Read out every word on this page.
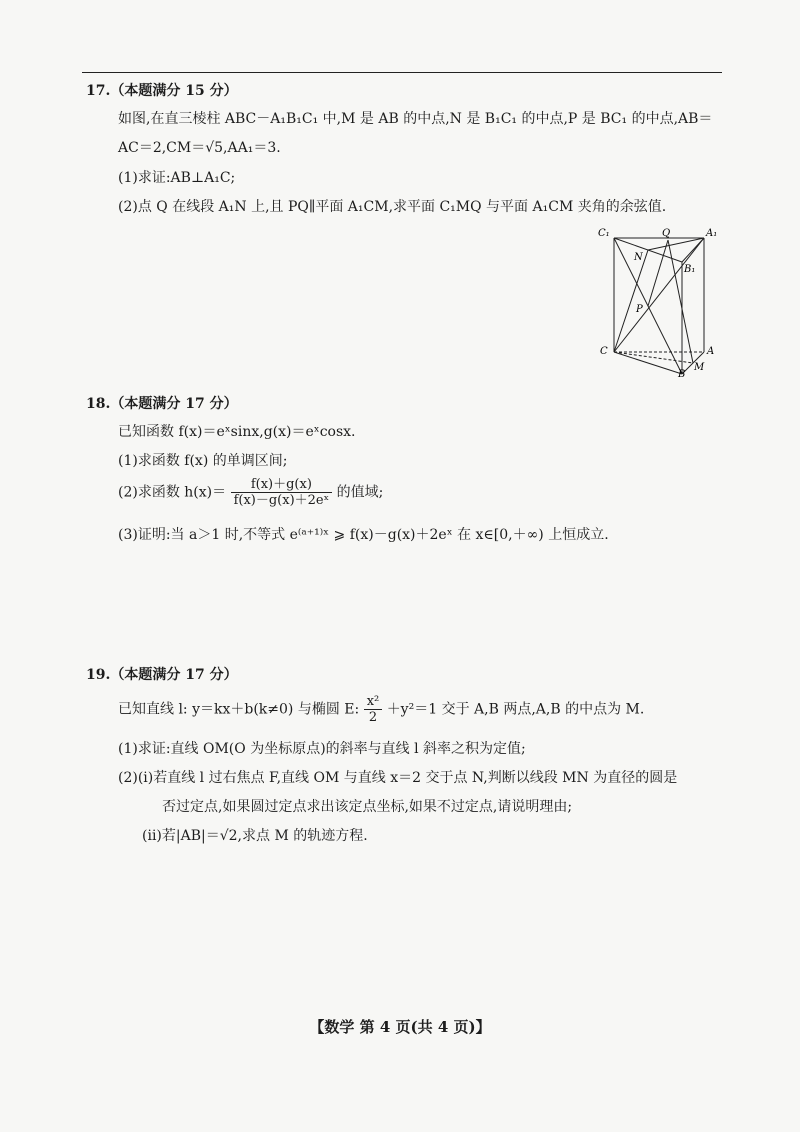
17.（本题满分 15 分）
如图,在直三棱柱 ABC－A₁B₁C₁ 中,M 是 AB 的中点,N 是 B₁C₁ 的中点,P 是 BC₁ 的中点,AB＝
AC＝2,CM＝√5,AA₁＝3.
(1)求证:AB⊥A₁C;
(2)点 Q 在线段 A₁N 上,且 PQ∥平面 A₁CM,求平面 C₁MQ 与平面 A₁CM 夹角的余弦值.
C₁	Q	A₁
N
B₁
P
C	A
M
B
18.（本题满分 17 分）
已知函数 f(x)＝eˣsinx,g(x)＝eˣcosx.
(1)求函数 f(x) 的单调区间;
(2)求函数 $h(x)= \frac{f(x)+g(x)}{\text{f(x)－g(x)＋2eˣ}}$ 的值域;
(3)证明:当 a＞1 时,不等式 e⁽ᵃ⁺¹⁾ˣ ⩾ f(x)－g(x)＋2eˣ 在 x∈[0,＋∞) 上恒成立.
19.（本题满分 17 分）
已知直线 l: y＝kx＋b(k≠0) 与椭圆 E: $\frac{\text{x²}}{2} +y^2=1$ 交于 A,B 两点,A,B 的中点为 M.
(1)求证:直线 OM(O 为坐标原点)的斜率与直线 l 斜率之积为定值;
(2)(ⅰ)若直线 l 过右焦点 F,直线 OM 与直线 x＝2 交于点 N,判断以线段 MN 为直径的圆是
否过定点,如果圆过定点求出该定点坐标,如果不过定点,请说明理由;
(ⅱ)若|AB|＝√2,求点 M 的轨迹方程.
【数学 第 4 页(共 4 页)】
